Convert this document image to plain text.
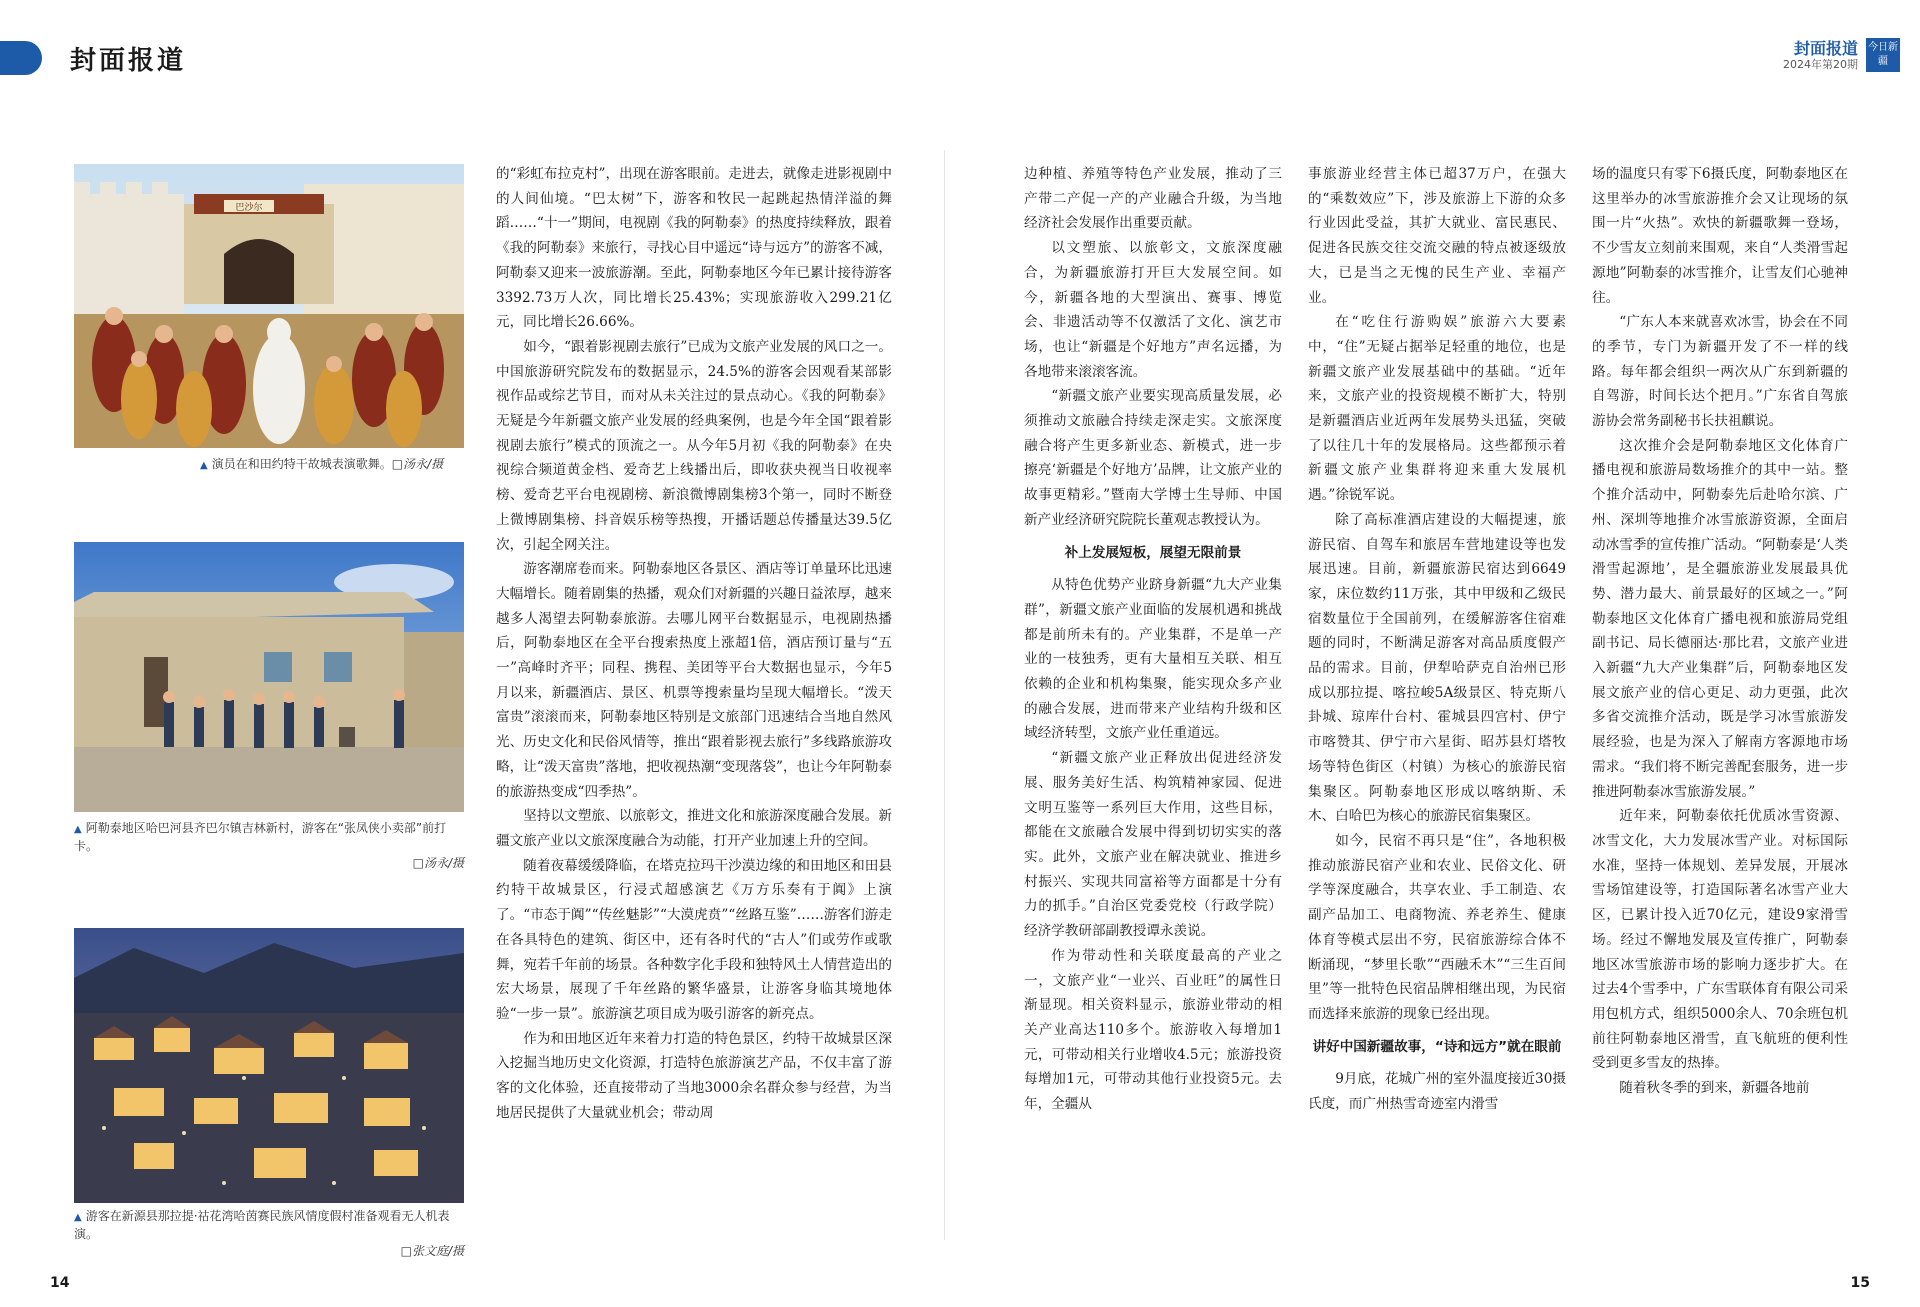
封面报道	封面报道
2024年第20期
今日新疆
巴沙尔
▲ 演员在和田约特干故城表演歌舞。□汤永/摄
▲ 阿勒泰地区哈巴河县齐巴尔镇吉林新村，游客在“张凤侠小卖部”前打卡。
□汤永/摄
▲ 游客在新源县那拉提·祜花湾哈茵赛民族风情度假村准备观看无人机表演。
□张文庭/摄

的“彩虹布拉克村”，出现在游客眼前。走进去，就像走进影视剧中的人间仙境。“巴太树”下，游客和牧民一起跳起热情洋溢的舞蹈……“十一”期间，电视剧《我的阿勒泰》的热度持续释放，跟着《我的阿勒泰》来旅行，寻找心目中遥远“诗与远方”的游客不减，阿勒泰又迎来一波旅游潮。至此，阿勒泰地区今年已累计接待游客3392.73万人次，同比增长25.43%；实现旅游收入299.21亿元，同比增长26.66%。

如今，“跟着影视剧去旅行”已成为文旅产业发展的风口之一。中国旅游研究院发布的数据显示，24.5%的游客会因观看某部影视作品或综艺节目，而对从未关注过的景点动心。《我的阿勒泰》无疑是今年新疆文旅产业发展的经典案例，也是今年全国“跟着影视剧去旅行”模式的顶流之一。从今年5月初《我的阿勒泰》在央视综合频道黄金档、爱奇艺上线播出后，即收获央视当日收视率榜、爱奇艺平台电视剧榜、新浪微博剧集榜3个第一，同时不断登上微博剧集榜、抖音娱乐榜等热搜，开播话题总传播量达39.5亿次，引起全网关注。

游客潮席卷而来。阿勒泰地区各景区、酒店等订单量环比迅速大幅增长。随着剧集的热播，观众们对新疆的兴趣日益浓厚，越来越多人渴望去阿勒泰旅游。去哪儿网平台数据显示，电视剧热播后，阿勒泰地区在全平台搜索热度上涨超1倍，酒店预订量与“五一”高峰时齐平；同程、携程、美团等平台大数据也显示，今年5月以来，新疆酒店、景区、机票等搜索量均呈现大幅增长。“泼天富贵”滚滚而来，阿勒泰地区特别是文旅部门迅速结合当地自然风光、历史文化和民俗风情等，推出“跟着影视去旅行”多线路旅游攻略，让“泼天富贵”落地，把收视热潮“变现落袋”，也让今年阿勒泰的旅游热变成“四季热”。

坚持以文塑旅、以旅彰文，推进文化和旅游深度融合发展。新疆文旅产业以文旅深度融合为动能，打开产业加速上升的空间。

随着夜幕缓缓降临，在塔克拉玛干沙漠边缘的和田地区和田县约特干故城景区，行浸式超感演艺《万方乐奏有于阗》上演了。“市态于阗”“传丝魅影”“大漠虎贲”“丝路互鉴”……游客们游走在各具特色的建筑、街区中，还有各时代的“古人”们或劳作或歌舞，宛若千年前的场景。各种数字化手段和独特风土人情营造出的宏大场景，展现了千年丝路的繁华盛景，让游客身临其境地体验“一步一景”。旅游演艺项目成为吸引游客的新亮点。

作为和田地区近年来着力打造的特色景区，约特干故城景区深入挖掘当地历史文化资源，打造特色旅游演艺产品，不仅丰富了游客的文化体验，还直接带动了当地3000余名群众参与经营，为当地居民提供了大量就业机会；带动周

边种植、养殖等特色产业发展，推动了三产带二产促一产的产业融合升级，为当地经济社会发展作出重要贡献。

以文塑旅、以旅彰文，文旅深度融合，为新疆旅游打开巨大发展空间。如今，新疆各地的大型演出、赛事、博览会、非遗活动等不仅激活了文化、演艺市场，也让“新疆是个好地方”声名远播，为各地带来滚滚客流。

“新疆文旅产业要实现高质量发展，必须推动文旅融合持续走深走实。文旅深度融合将产生更多新业态、新模式，进一步擦亮‘新疆是个好地方’品牌，让文旅产业的故事更精彩。”暨南大学博士生导师、中国新产业经济研究院院长董观志教授认为。

补上发展短板，展望无限前景

从特色优势产业跻身新疆“九大产业集群”，新疆文旅产业面临的发展机遇和挑战都是前所未有的。产业集群，不是单一产业的一枝独秀，更有大量相互关联、相互依赖的企业和机构集聚，能实现众多产业的融合发展，进而带来产业结构升级和区域经济转型，文旅产业任重道远。

“新疆文旅产业正释放出促进经济发展、服务美好生活、构筑精神家园、促进文明互鉴等一系列巨大作用，这些目标，都能在文旅融合发展中得到切切实实的落实。此外，文旅产业在解决就业、推进乡村振兴、实现共同富裕等方面都是十分有力的抓手。”自治区党委党校（行政学院）经济学教研部副教授谭永羡说。

作为带动性和关联度最高的产业之一，文旅产业“一业兴、百业旺”的属性日渐显现。相关资料显示，旅游业带动的相关产业高达110多个。旅游收入每增加1元，可带动相关行业增收4.5元；旅游投资每增加1元，可带动其他行业投资5元。去年，全疆从

事旅游业经营主体已超37万户，在强大的“乘数效应”下，涉及旅游上下游的众多行业因此受益，其扩大就业、富民惠民、促进各民族交往交流交融的特点被逐级放大，已是当之无愧的民生产业、幸福产业。

在“吃住行游购娱”旅游六大要素中，“住”无疑占据举足轻重的地位，也是新疆文旅产业发展基础中的基础。“近年来，文旅产业的投资规模不断扩大，特别是新疆酒店业近两年发展势头迅猛，突破了以往几十年的发展格局。这些都预示着新疆文旅产业集群将迎来重大发展机遇。”徐锐军说。

除了高标准酒店建设的大幅提速，旅游民宿、自驾车和旅居车营地建设等也发展迅速。目前，新疆旅游民宿达到6649家，床位数约11万张，其中甲级和乙级民宿数量位于全国前列，在缓解游客住宿难题的同时，不断满足游客对高品质度假产品的需求。目前，伊犁哈萨克自治州已形成以那拉提、喀拉峻5A级景区、特克斯八卦城、琼库什台村、霍城县四宫村、伊宁市喀赞其、伊宁市六星街、昭苏县灯塔牧场等特色街区（村镇）为核心的旅游民宿集聚区。阿勒泰地区形成以喀纳斯、禾木、白哈巴为核心的旅游民宿集聚区。

如今，民宿不再只是“住”，各地积极推动旅游民宿产业和农业、民俗文化、研学等深度融合，共享农业、手工制造、农副产品加工、电商物流、养老养生、健康体育等模式层出不穷，民宿旅游综合体不断涌现，“梦里长歌”“西融禾木”“三生百间里”等一批特色民宿品牌相继出现，为民宿而选择来旅游的现象已经出现。

讲好中国新疆故事，“诗和远方”就在眼前

9月底，花城广州的室外温度接近30摄氏度，而广州热雪奇迹室内滑雪

场的温度只有零下6摄氏度，阿勒泰地区在这里举办的冰雪旅游推介会又让现场的氛围一片“火热”。欢快的新疆歌舞一登场，不少雪友立刻前来围观，来自“人类滑雪起源地”阿勒泰的冰雪推介，让雪友们心驰神往。

“广东人本来就喜欢冰雪，协会在不同的季节，专门为新疆开发了不一样的线路。每年都会组织一两次从广东到新疆的自驾游，时间长达个把月。”广东省自驾旅游协会常务副秘书长扶祖麒说。

这次推介会是阿勒泰地区文化体育广播电视和旅游局数场推介的其中一站。整个推介活动中，阿勒泰先后赴哈尔滨、广州、深圳等地推介冰雪旅游资源，全面启动冰雪季的宣传推广活动。“阿勒泰是‘人类滑雪起源地’，是全疆旅游业发展最具优势、潜力最大、前景最好的区域之一。”阿勒泰地区文化体育广播电视和旅游局党组副书记、局长德丽达·那比君，文旅产业进入新疆“九大产业集群”后，阿勒泰地区发展文旅产业的信心更足、动力更强，此次多省交流推介活动，既是学习冰雪旅游发展经验，也是为深入了解南方客源地市场需求。“我们将不断完善配套服务，进一步推进阿勒泰冰雪旅游发展。”

近年来，阿勒泰依托优质冰雪资源、冰雪文化，大力发展冰雪产业。对标国际水准，坚持一体规划、差异发展，开展冰雪场馆建设等，打造国际著名冰雪产业大区，已累计投入近70亿元，建设9家滑雪场。经过不懈地发展及宣传推广，阿勒泰地区冰雪旅游市场的影响力逐步扩大。在过去4个雪季中，广东雪联体育有限公司采用包机方式，组织5000余人、70余班包机前往阿勒泰地区滑雪，直飞航班的便利性受到更多雪友的热捧。

随着秋冬季的到来，新疆各地前

14	15
